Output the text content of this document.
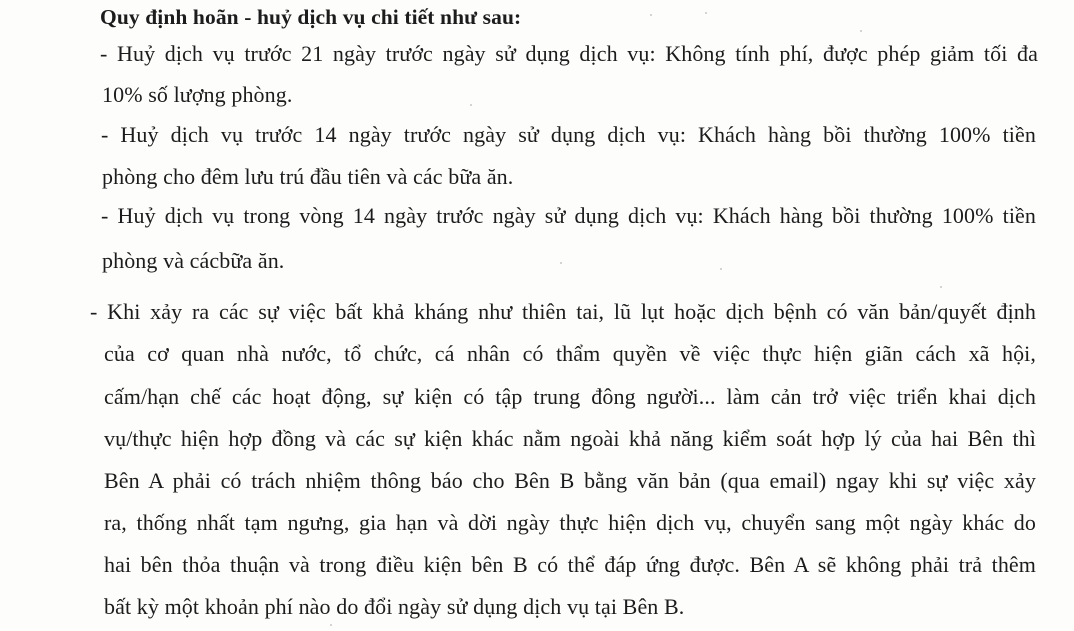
Quy định hoãn - huỷ dịch vụ chi tiết như sau:
- Huỷ dịch vụ trước 21 ngày trước ngày sử dụng dịch vụ: Không tính phí, được phép giảm tối đa
10% số lượng phòng.
- Huỷ dịch vụ trước 14 ngày trước ngày sử dụng dịch vụ: Khách hàng bồi thường 100% tiền
phòng cho đêm lưu trú đầu tiên và các bữa ăn.
- Huỷ dịch vụ trong vòng 14 ngày trước ngày sử dụng dịch vụ: Khách hàng bồi thường 100% tiền
phòng và cácbữa ăn.
- Khi xảy ra các sự việc bất khả kháng như thiên tai, lũ lụt hoặc dịch bệnh có văn bản/quyết định
của cơ quan nhà nước, tổ chức, cá nhân có thẩm quyền về việc thực hiện giãn cách xã hội,
cấm/hạn chế các hoạt động, sự kiện có tập trung đông người... làm cản trở việc triển khai dịch
vụ/thực hiện hợp đồng và các sự kiện khác nằm ngoài khả năng kiểm soát hợp lý của hai Bên thì
Bên A phải có trách nhiệm thông báo cho Bên B bằng văn bản (qua email) ngay khi sự việc xảy
ra, thống nhất tạm ngưng, gia hạn và dời ngày thực hiện dịch vụ, chuyển sang một ngày khác do
hai bên thỏa thuận và trong điều kiện bên B có thể đáp ứng được. Bên A sẽ không phải trả thêm
bất kỳ một khoản phí nào do đổi ngày sử dụng dịch vụ tại Bên B.
